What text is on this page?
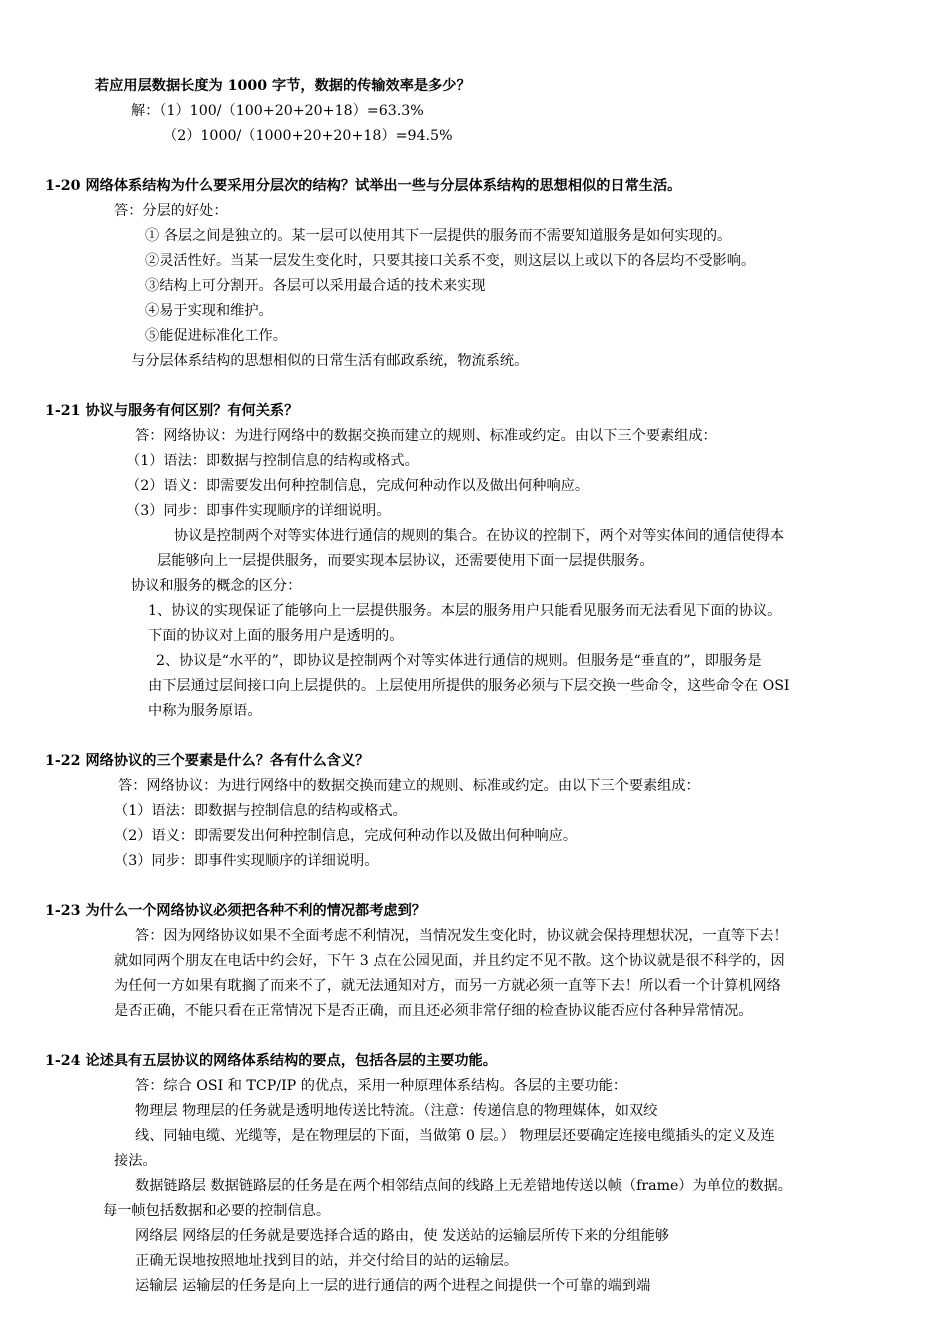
若应用层数据长度为 1000 字节，数据的传输效率是多少？
解：（1）100/（100+20+20+18）=63.3%
（2）1000/（1000+20+20+18）=94.5%
1-20 网络体系结构为什么要采用分层次的结构？试举出一些与分层体系结构的思想相似的日常生活。
答：分层的好处：
① 各层之间是独立的。某一层可以使用其下一层提供的服务而不需要知道服务是如何实现的。
②灵活性好。当某一层发生变化时，只要其接口关系不变，则这层以上或以下的各层均不受影响。
③结构上可分割开。各层可以采用最合适的技术来实现
④易于实现和维护。
⑤能促进标准化工作。
与分层体系结构的思想相似的日常生活有邮政系统，物流系统。
1-21 协议与服务有何区别？有何关系？
答：网络协议：为进行网络中的数据交换而建立的规则、标准或约定。由以下三个要素组成：
（1）语法：即数据与控制信息的结构或格式。
（2）语义：即需要发出何种控制信息，完成何种动作以及做出何种响应。
（3）同步：即事件实现顺序的详细说明。
协议是控制两个对等实体进行通信的规则的集合。在协议的控制下，两个对等实体间的通信使得本
层能够向上一层提供服务，而要实现本层协议，还需要使用下面一层提供服务。
协议和服务的概念的区分：
1、协议的实现保证了能够向上一层提供服务。本层的服务用户只能看见服务而无法看见下面的协议。
下面的协议对上面的服务用户是透明的。
2、协议是“水平的”，即协议是控制两个对等实体进行通信的规则。但服务是“垂直的”，即服务是
由下层通过层间接口向上层提供的。上层使用所提供的服务必须与下层交换一些命令，这些命令在 OSI
中称为服务原语。
1-22 网络协议的三个要素是什么？各有什么含义？
答：网络协议：为进行网络中的数据交换而建立的规则、标准或约定。由以下三个要素组成：
（1）语法：即数据与控制信息的结构或格式。
（2）语义：即需要发出何种控制信息，完成何种动作以及做出何种响应。
（3）同步：即事件实现顺序的详细说明。
1-23 为什么一个网络协议必须把各种不利的情况都考虑到？
答：因为网络协议如果不全面考虑不利情况，当情况发生变化时，协议就会保持理想状况，一直等下去！
就如同两个朋友在电话中约会好，下午 3 点在公园见面，并且约定不见不散。这个协议就是很不科学的，因
为任何一方如果有耽搁了而来不了，就无法通知对方，而另一方就必须一直等下去！所以看一个计算机网络
是否正确，不能只看在正常情况下是否正确，而且还必须非常仔细的检查协议能否应付各种异常情况。
1-24 论述具有五层协议的网络体系结构的要点，包括各层的主要功能。
答：综合 OSI 和 TCP/IP 的优点，采用一种原理体系结构。各层的主要功能：
物理层 物理层的任务就是透明地传送比特流。（注意：传递信息的物理媒体，如双绞
线、同轴电缆、光缆等，是在物理层的下面，当做第 0 层。） 物理层还要确定连接电缆插头的定义及连
接法。
数据链路层 数据链路层的任务是在两个相邻结点间的线路上无差错地传送以帧（frame）为单位的数据。
每一帧包括数据和必要的控制信息。
网络层 网络层的任务就是要选择合适的路由，使 发送站的运输层所传下来的分组能够
正确无误地按照地址找到目的站，并交付给目的站的运输层。
运输层 运输层的任务是向上一层的进行通信的两个进程之间提供一个可靠的端到端
